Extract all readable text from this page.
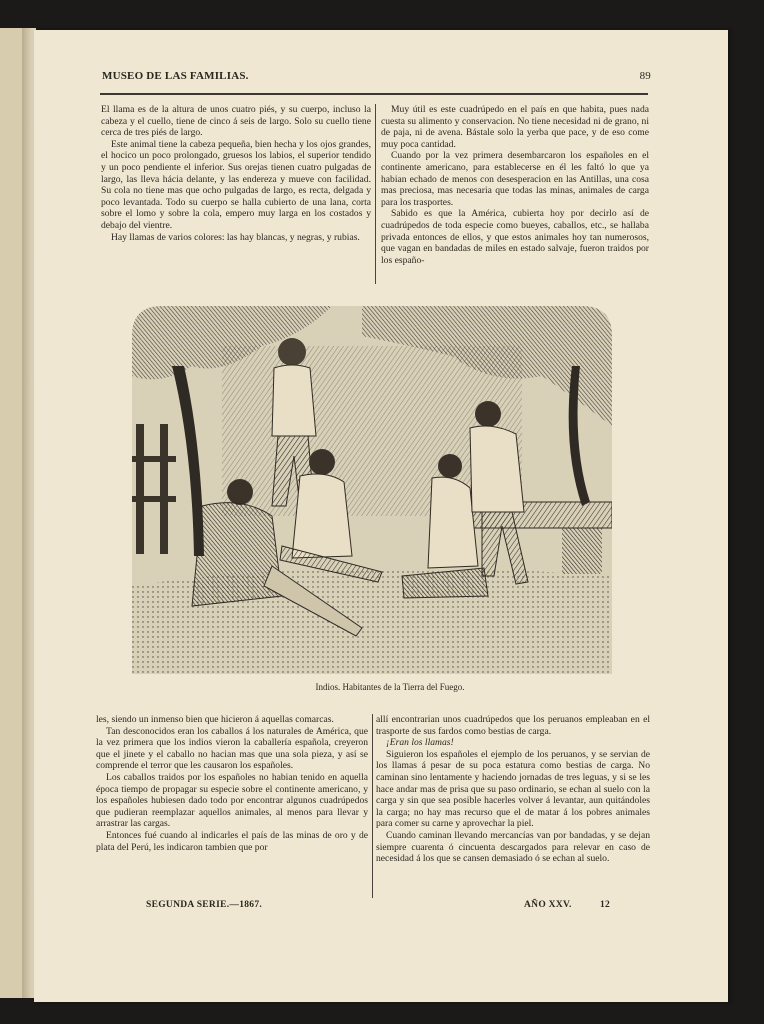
MUSEO DE LAS FAMILIAS.	89

El llama es de la altura de unos cuatro piés, y su cuerpo, incluso la cabeza y el cuello, tiene de cinco á seis de largo. Solo su cuello tiene cerca de tres piés de largo.

Este animal tiene la cabeza pequeña, bien hecha y los ojos grandes, el hocico un poco prolongado, gruesos los labios, el superior tendido y un poco pendiente el inferior. Sus orejas tienen cuatro pulgadas de largo, las lleva hácia delante, y las endereza y mueve con facilidad. Su cola no tiene mas que ocho pulgadas de largo, es recta, delgada y poco levantada. Todo su cuerpo se halla cubierto de una lana, corta sobre el lomo y sobre la cola, empero muy larga en los costados y debajo del vientre.

Hay llamas de varios colores: las hay blancas, y negras, y rubias.

Muy útil es este cuadrúpedo en el país en que habita, pues nada cuesta su alimento y conservacion. No tiene necesidad ni de grano, ni de paja, ni de avena. Bástale solo la yerba que pace, y de eso come muy poca cantidad.

Cuando por la vez primera desembarcaron los españoles en el continente americano, para establecerse en él les faltó lo que ya habian echado de menos con desesperacion en las Antillas, una cosa mas preciosa, mas necesaria que todas las minas, animales de carga para los trasportes.

Sabido es que la América, cubierta hoy por decirlo así de cuadrúpedos de toda especie como bueyes, caballos, etc., se hallaba privada entonces de ellos, y que estos animales hoy tan numerosos, que vagan en bandadas de miles en estado salvaje, fueron traidos por los españo-

Indios. Habitantes de la Tierra del Fuego.

les, siendo un inmenso bien que hicieron á aquellas comarcas.

Tan desconocidos eran los caballos á los naturales de América, que la vez primera que los indios vieron la caballería española, creyeron que el jinete y el caballo no hacian mas que una sola pieza, y así se comprende el terror que les causaron los españoles.

Los caballos traidos por los españoles no habian tenido en aquella época tiempo de propagar su especie sobre el continente americano, y los españoles hubiesen dado todo por encontrar algunos cuadrúpedos que pudieran reemplazar aquellos animales, al menos para llevar y arrastrar las cargas.

Entonces fué cuando al indicarles el país de las minas de oro y de plata del Perú, les indicaron tambien que por

allí encontrarian unos cuadrúpedos que los peruanos empleaban en el trasporte de sus fardos como bestias de carga.

¡Eran los llamas!

Siguieron los españoles el ejemplo de los peruanos, y se servian de los llamas á pesar de su poca estatura como bestias de carga. No caminan sino lentamente y haciendo jornadas de tres leguas, y si se les hace andar mas de prisa que su paso ordinario, se echan al suelo con la carga y sin que sea posible hacerles volver á levantar, aun quitándoles la carga; no hay mas recurso que el de matar á los pobres animales para comer su carne y aprovechar la piel.

Cuando caminan llevando mercancías van por bandadas, y se dejan siempre cuarenta ó cincuenta descargados para relevar en caso de necesidad á los que se cansen demasiado ó se echan al suelo.

SEGUNDA SERIE.—1867.	AÑO XXV.	12
